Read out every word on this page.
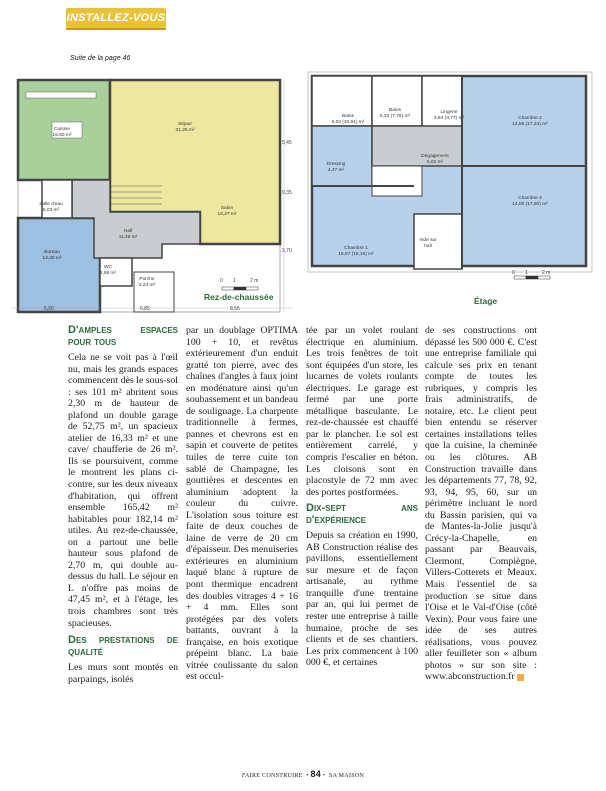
INSTALLEZ-VOUS
Suite de la page 46
Cuisine
16,60 m²
Séjour
31,25 m²
Salon
16,27 m²
Hall
11,46 m²
Salle d'eau
5,03 m²
Bureau
12,30 m²
WC
1,59 m²
Porche
2,23 m²
5,90	6,85	8,55
5,45
3,70
9,35
0 1	2 m
Rez-de-chaussée
Bains
6,03 (10,91) m²
Bains
5,33 (7,78) m²
Lingerie
3,83 (4,77) m²	Chambre 2
13,56 (17,24) m²
Dressing
4,47 m²
Dégagement
6,02 m²
Chambre 3
14,00 (17,50) m²
Chambre 1
18,07 (18,19) m²
Vide sur hall
0 1	2 m
Étage
D'amples espaces pour tous

Cela ne se voit pas à l'œil nu, mais les grands espaces commencent dès le sous-sol : ses 101 m² abritent sous 2,30 m de hauteur de plafond un double garage de 52,75 m², un spacieux atelier de 16,33 m² et une cave/ chaufferie de 26 m². Ils se poursuivent, comme le montrent les plans ci-contre, sur les deux niveaux d'habitation, qui offrent ensemble 165,42 m² habitables pour 182,14 m² utiles. Au rez-de-chaussée, on a partout une belle hauteur sous plafond de 2,70 m, qui double au-dessus du hall. Le séjour en L n'offre pas moins de 47,45 m², et à l'étage, les trois chambres sont très spacieuses.

Des prestations de qualité

Les murs sont montés en parpaings, isolés

par un doublage OPTIMA 100 + 10, et revêtus extérieurement d'un enduit gratté ton pierre, avec des chaînes d'angles à faux joint en modénature ainsi qu'un soubassement et un bandeau de soulignage. La charpente traditionnelle à fermes, pannes et chevrons est en sapin et couverte de petites tuiles de terre cuite ton sablé de Champagne, les gouttières et descentes en aluminium adoptent la couleur du cuivre. L'isolation sous toiture est faite de deux couches de laine de verre de 20 cm d'épaisseur. Des menuiseries extérieures en aluminium laqué blanc à rupture de pont thermique encadrent des doubles vitrages 4 + 16 + 4 mm. Elles sont protégées par des volets battants, ouvrant à la française, en bois exotique prépeint blanc. La baie vitrée coulissante du salon est occul-

tée par un volet roulant électrique en aluminium. Les trois fenêtres de toit sont équipées d'un store, les lucarnes de volets roulants électriques. Le garage est fermé par une porte métallique basculante. Le rez-de-chaussée est chauffé par le plancher. Le sol est entièrement carrelé, y compris l'escalier en béton. Les cloisons sont en placostyle de 72 mm avec des portes postformées.

Dix-sept ans d'expérience

Depuis sa création en 1990, AB Construction réalise des pavillons, essentiellement sur mesure et de façon artisanale, au rythme tranquille d'une trentaine par an, qui lui permet de rester une entreprise à taille humaine, proche de ses clients et de ses chantiers. Les prix commencent à 100 000 €, et certaines

de ses constructions ont dépassé les 500 000 €. C'est une entreprise familiale qui calcule ses prix en tenant compte de toutes les rubriques, y compris les frais administratifs, de notaire, etc. Le client peut bien entendu se réserver certaines installations telles que la cuisine, la cheminée ou les clôtures. AB Construction travaille dans les départements 77, 78, 92, 93, 94, 95, 60, sur un périmètre incluant le nord du Bassin parisien, qui va de Mantes-la-Jolie jusqu'à Crécy-la-Chapelle, en passant par Beauvais, Clermont, Compiègne, Villers-Cotterets et Meaux. Mais l'essentiel de sa production se situe dans l'Oise et le Val-d'Oise (côté Vexin). Pour vous faire une idée de ses autres réalisations, vous pouvez aller feuilleter son « album photos » sur son site : www.abconstruction.fr

FAIRE CONSTRUIRE  • 84 •  SA MAISON
